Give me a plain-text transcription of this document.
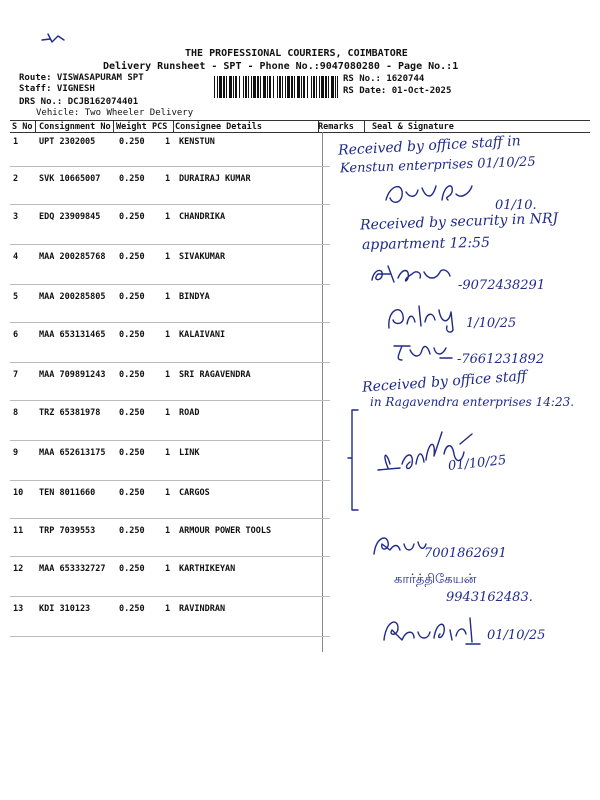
THE PROFESSIONAL COURIERS, COIMBATORE
Delivery Runsheet - SPT - Phone No.:9047080280 - Page No.:1
Route: VISWASAPURAM SPT
Staff: VIGNESH
DRS No.: DCJB162074401
Vehicle: Two Wheeler Delivery
RS No.: 1620744
RS Date: 01-Oct-2025
S No Consignment No Weight PCS Consignee Details	Remarks Seal & Signature
1 UPT 2302005	0.250 1 KENSTUN
2 SVK 10665007 0.250 1 DURAIRAJ KUMAR
3 EDQ 23909845 0.250 1 CHANDRIKA
4 MAA 200285768 0.250 1 SIVAKUMAR
5 MAA 200285805 0.250 1 BINDYA
6 MAA 653131465 0.250 1 KALAIVANI
7 MAA 709891243 0.250 1 SRI RAGAVENDRA
8 TRZ 65381978 0.250 1 ROAD
9 MAA 652613175 0.250 1 LINK
10 TEN 8011660	0.250 1 CARGOS
11 TRP 7039553	0.250 1 ARMOUR POWER TOOLS
12 MAA 653332727 0.250 1 KARTHIKEYAN
13 KDI 310123	0.250 1 RAVINDRAN
Received by office staff in
Kenstun enterprises 01/10/25
01/10.
Received by security in NRJ
appartment 12:55
-9072438291
1/10/25
-7661231892
Received by office staff
in Ragavendra enterprises 14:23.
01/10/25
7001862691
கார்த்திகேயன்
9943162483.
01/10/25
